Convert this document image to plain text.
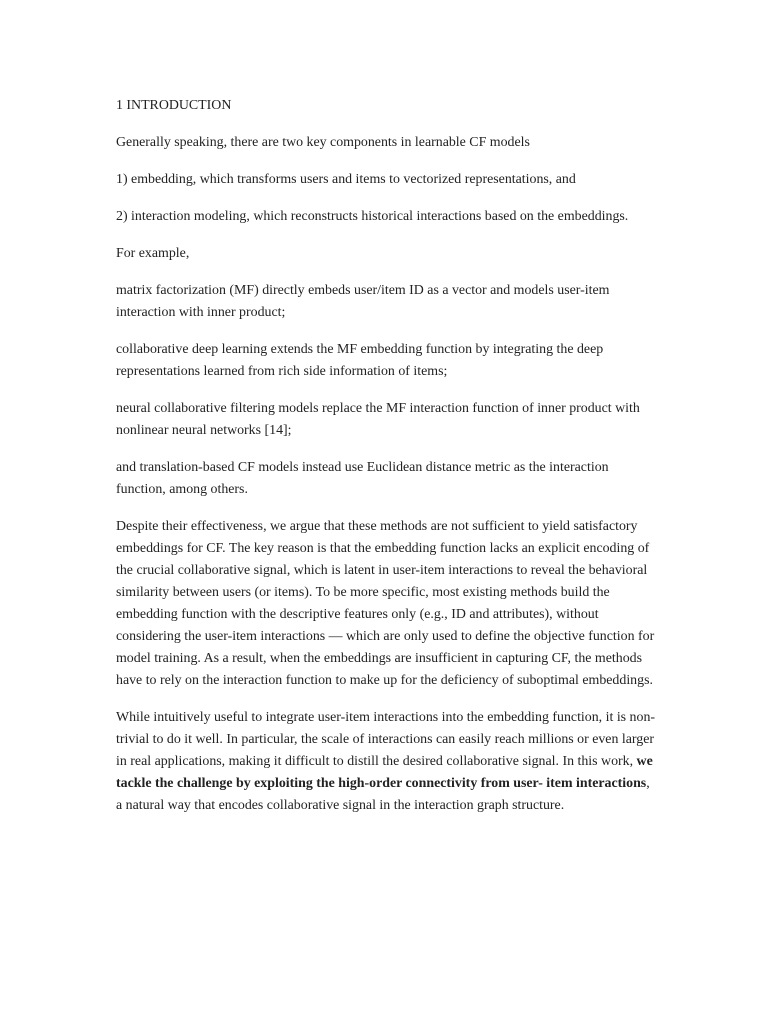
1 INTRODUCTION

Generally speaking, there are two key components in learnable CF models

1) embedding, which transforms users and items to vectorized representations, and

2) interaction modeling, which reconstructs historical interactions based on the embeddings.

For example,

matrix factorization (MF) directly embeds user/item ID as a vector and models user-item interaction with inner product;

collaborative deep learning extends the MF embedding function by integrating the deep representations learned from rich side information of items;

neural collaborative filtering models replace the MF interaction function of inner product with nonlinear neural networks [14];

and translation-based CF models instead use Euclidean distance metric as the interaction function, among others.

Despite their effectiveness, we argue that these methods are not sufficient to yield satisfactory embeddings for CF. The key reason is that the embedding function lacks an explicit encoding of the crucial collaborative signal, which is latent in user-item interactions to reveal the behavioral similarity between users (or items). To be more specific, most existing methods build the embedding function with the descriptive features only (e.g., ID and attributes), without considering the user-item interactions — which are only used to define the objective function for model training. As a result, when the embeddings are insufficient in capturing CF, the methods have to rely on the interaction function to make up for the deficiency of suboptimal embeddings.

While intuitively useful to integrate user-item interactions into the embedding function, it is non-trivial to do it well. In particular, the scale of interactions can easily reach millions or even larger in real applications, making it difficult to distill the desired collaborative signal. In this work, we tackle the challenge by exploiting the high-order connectivity from user- item interactions, a natural way that encodes collaborative signal in the interaction graph structure.
